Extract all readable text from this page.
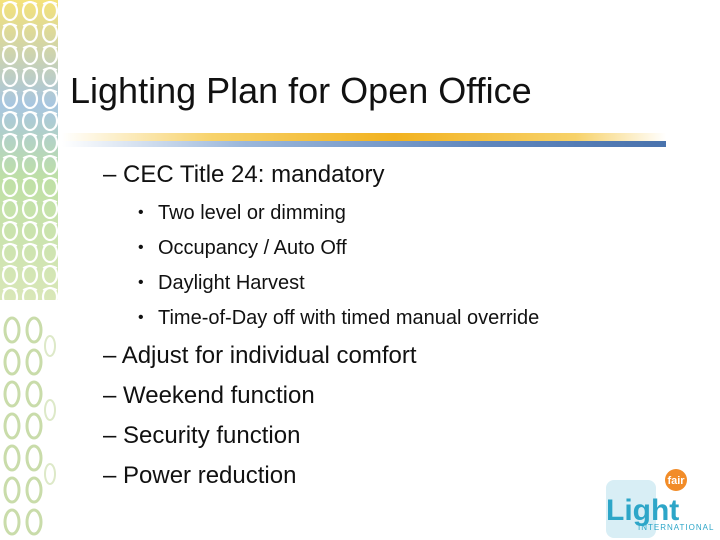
Lighting Plan for Open Office

– CEC Title 24: mandatory

• Two level or dimming

• Occupancy / Auto Off

• Daylight Harvest

• Time-of-Day off with timed manual override

– Adjust for individual comfort

– Weekend function

– Security function

– Power reduction	fair
Light
INTERNATIONAL
